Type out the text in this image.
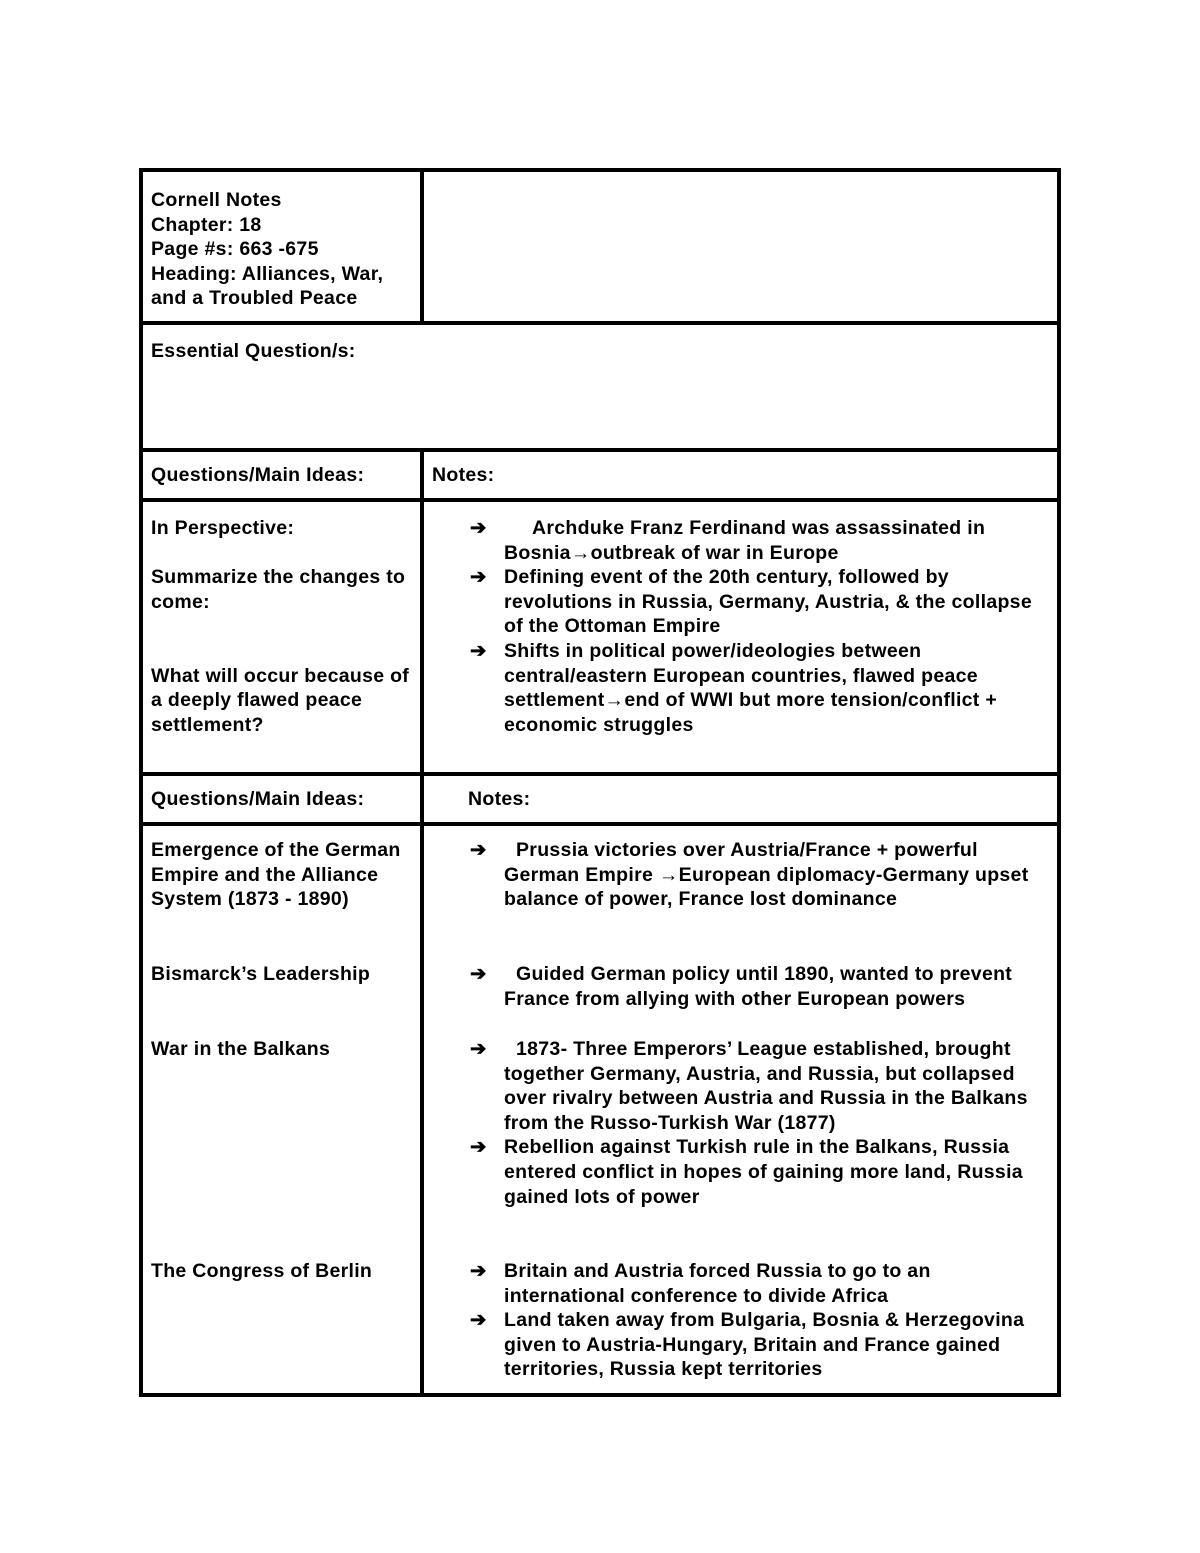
Cornell Notes
Chapter: 18
Page #s: 663 -675
Heading: Alliances, War,
and a Troubled Peace
Essential Question/s:
Questions/Main Ideas:	Notes:
In Perspective:
Summarize the changes to come:
What will occur because of a deeply flawed peace settlement?
➔ Archduke Franz Ferdinand was assassinated in Bosnia→outbreak of war in Europe
➔ Defining event of the 20th century, followed by revolutions in Russia, Germany, Austria, & the collapse of the Ottoman Empire
➔ Shifts in political power/ideologies between central/eastern European countries, flawed peace settlement→end of WWI but more tension/conflict + economic struggles
Questions/Main Ideas:	Notes:
Emergence of the German Empire and the Alliance System (1873 - 1890)
Bismarck’s Leadership
War in the Balkans
The Congress of Berlin
➔ Prussia victories over Austria/France + powerful German Empire →European diplomacy-Germany upset balance of power, France lost dominance
➔ Guided German policy until 1890, wanted to prevent France from allying with other European powers
➔ 1873- Three Emperors’ League established, brought together Germany, Austria, and Russia, but collapsed over rivalry between Austria and Russia in the Balkans from the Russo-Turkish War (1877)
➔ Rebellion against Turkish rule in the Balkans, Russia entered conflict in hopes of gaining more land, Russia gained lots of power
➔ Britain and Austria forced Russia to go to an international conference to divide Africa
➔ Land taken away from Bulgaria, Bosnia & Herzegovina given to Austria-Hungary, Britain and France gained territories, Russia kept territories
